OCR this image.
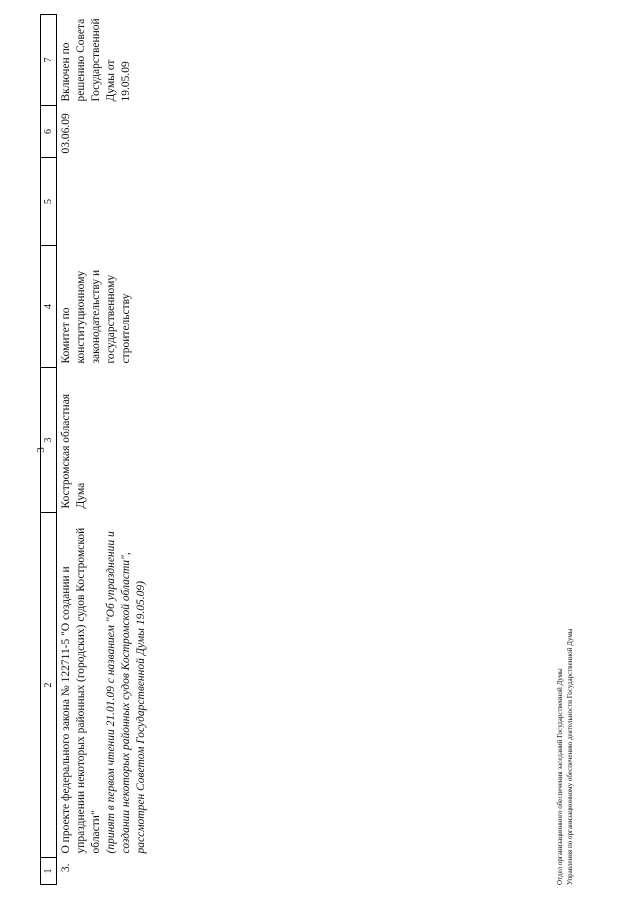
3
1	2	3	4	5	6	7
3.	О проекте федерального закона № 122711-5 "О создании и упразднении некоторых районных (городских) судов Костромской области" (принят в первом чтении 21.01.09 с названием "Об упразднении и создании некоторых районных судов Костромской области", рассмотрен Советом Государственной Думы 19.05.09)	Костромская областная Дума	Комитет по конституционному законодательству и государственному строительству		03.06.09	Включен по решению Совета Государственной Думы от 19.05.09
Отдел организационного обеспечения заседаний Государственной Думы Управления по организационному обеспечению деятельности Государственной Думы
